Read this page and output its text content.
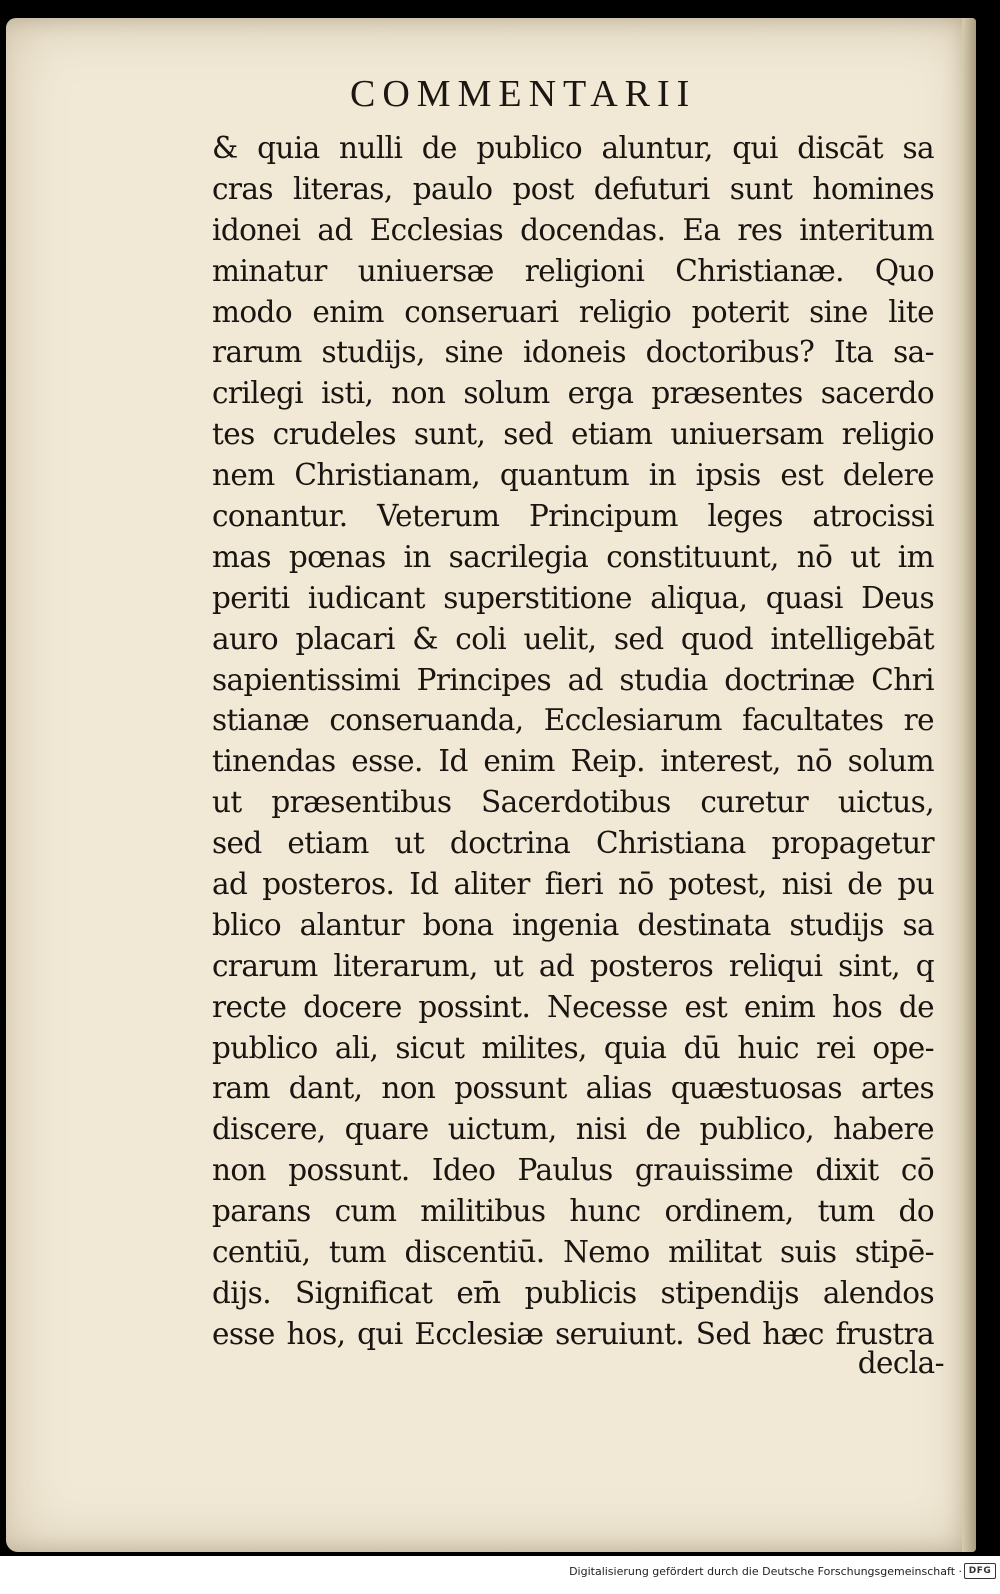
COMMENTARII
& quia nulli de publico aluntur, qui discāt sa
cras literas, paulo post defuturi sunt homines
idonei ad Ecclesias docendas. Ea res interitum
minatur uniuersæ religioni Christianæ. Quo
modo enim conseruari religio poterit sine lite
rarum studijs, sine idoneis doctoribus? Ita sa-
crilegi isti, non solum erga præsentes sacerdo
tes crudeles sunt, sed etiam uniuersam religio
nem Christianam, quantum in ipsis est delere
conantur. Veterum Principum leges atrocissi
mas pœnas in sacrilegia constituunt, nō ut im
periti iudicant superstitione aliqua, quasi Deus
auro placari & coli uelit, sed quod intelligebāt
sapientissimi Principes ad studia doctrinæ Chri
stianæ conseruanda, Ecclesiarum facultates re
tinendas esse. Id enim Reip. interest, nō solum
ut præsentibus Sacerdotibus curetur uictus,
sed etiam ut doctrina Christiana propagetur
ad posteros. Id aliter fieri nō potest, nisi de pu
blico alantur bona ingenia destinata studijs sa
crarum literarum, ut ad posteros reliqui sint, q
recte docere possint. Necesse est enim hos de
publico ali, sicut milites, quia dū huic rei ope-
ram dant, non possunt alias quæstuosas artes
discere, quare uictum, nisi de publico, habere
non possunt. Ideo Paulus grauissime dixit cō
parans cum militibus hunc ordinem, tum do
centiū, tum discentiū. Nemo militat suis stipē-
dijs. Significat em̄ publicis stipendijs alendos
esse hos, qui Ecclesiæ seruiunt. Sed hæc frustra
decla-
Digitalisierung gefördert durch die Deutsche Forschungsgemeinschaft · DFG
